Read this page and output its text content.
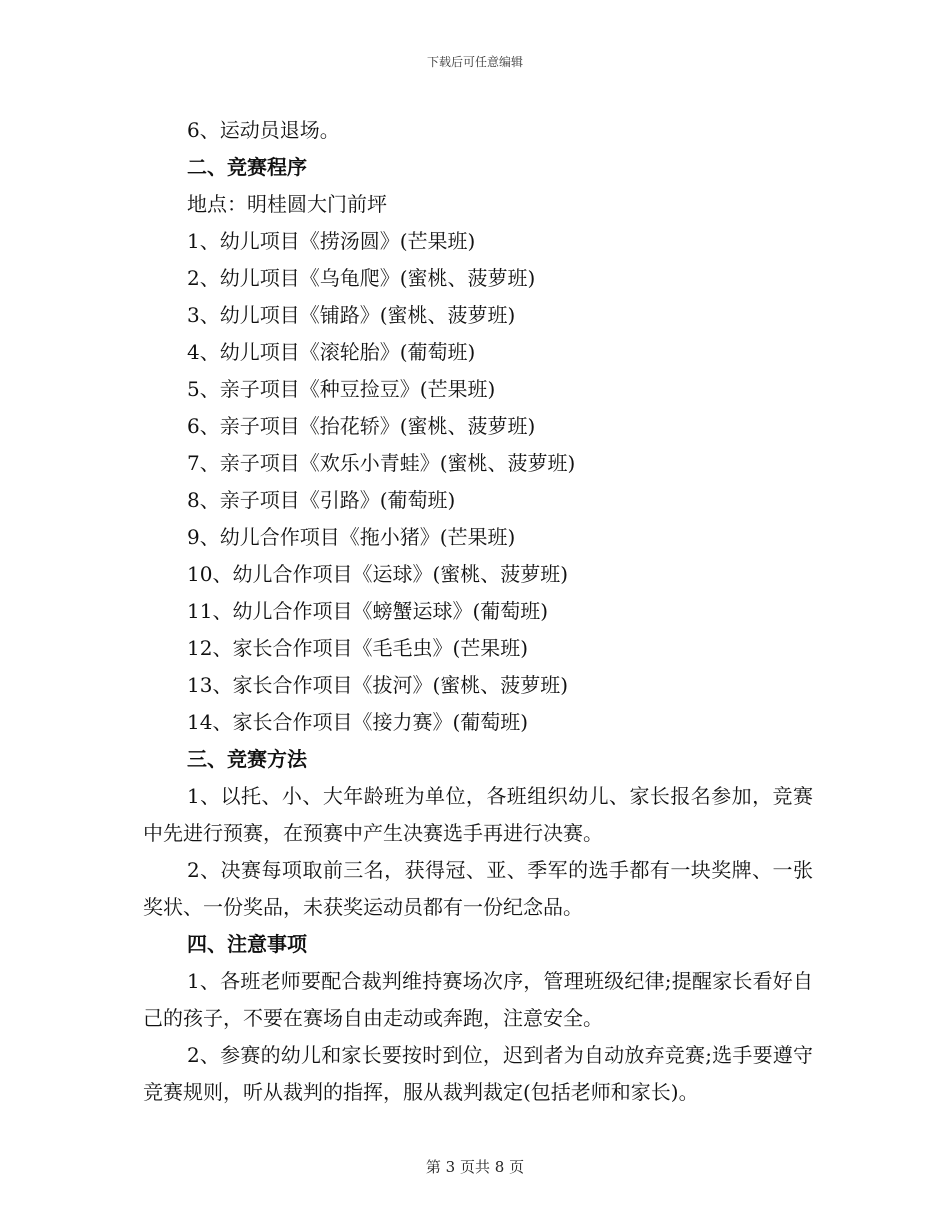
下载后可任意编辑
6、运动员退场。
二、竞赛程序
地点：明桂圆大门前坪
1、幼儿项目《捞汤圆》(芒果班)
2、幼儿项目《乌龟爬》(蜜桃、菠萝班)
3、幼儿项目《铺路》(蜜桃、菠萝班)
4、幼儿项目《滚轮胎》(葡萄班)
5、亲子项目《种豆捡豆》(芒果班)
6、亲子项目《抬花轿》(蜜桃、菠萝班)
7、亲子项目《欢乐小青蛙》(蜜桃、菠萝班)
8、亲子项目《引路》(葡萄班)
9、幼儿合作项目《拖小猪》(芒果班)
10、幼儿合作项目《运球》(蜜桃、菠萝班)
11、幼儿合作项目《螃蟹运球》(葡萄班)
12、家长合作项目《毛毛虫》(芒果班)
13、家长合作项目《拔河》(蜜桃、菠萝班)
14、家长合作项目《接力赛》(葡萄班)
三、竞赛方法

1、以托、小、大年龄班为单位，各班组织幼儿、家长报名参加，竞赛中先进行预赛，在预赛中产生决赛选手再进行决赛。

2、决赛每项取前三名，获得冠、亚、季军的选手都有一块奖牌、一张奖状、一份奖品，未获奖运动员都有一份纪念品。

四、注意事项

1、各班老师要配合裁判维持赛场次序，管理班级纪律;提醒家长看好自己的孩子，不要在赛场自由走动或奔跑，注意安全。

2、参赛的幼儿和家长要按时到位，迟到者为自动放弃竞赛;选手要遵守竞赛规则，听从裁判的指挥，服从裁判裁定(包括老师和家长)。

第 3 页共 8 页
